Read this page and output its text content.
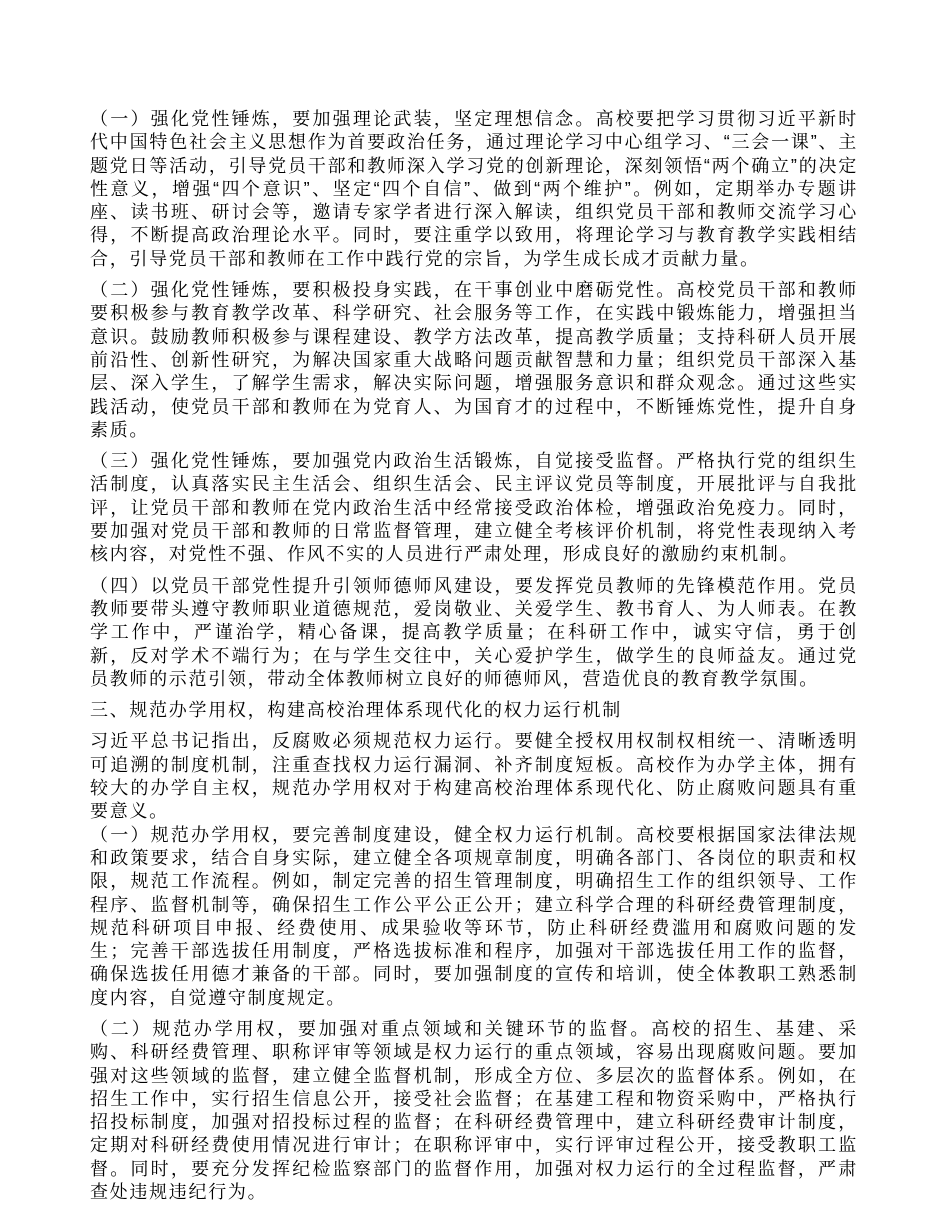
（一）强化党性锤炼，要加强理论武装，坚定理想信念。高校要把学习贯彻习近平新时代中国特色社会主义思想作为首要政治任务，通过理论学习中心组学习、“三会一课”、主题党日等活动，引导党员干部和教师深入学习党的创新理论，深刻领悟“两个确立”的决定性意义，增强“四个意识”、坚定“四个自信”、做到“两个维护”。例如，定期举办专题讲座、读书班、研讨会等，邀请专家学者进行深入解读，组织党员干部和教师交流学习心得，不断提高政治理论水平。同时，要注重学以致用，将理论学习与教育教学实践相结合，引导党员干部和教师在工作中践行党的宗旨，为学生成长成才贡献力量。

（二）强化党性锤炼，要积极投身实践，在干事创业中磨砺党性。高校党员干部和教师要积极参与教育教学改革、科学研究、社会服务等工作，在实践中锻炼能力，增强担当意识。鼓励教师积极参与课程建设、教学方法改革，提高教学质量；支持科研人员开展前沿性、创新性研究，为解决国家重大战略问题贡献智慧和力量；组织党员干部深入基层、深入学生，了解学生需求，解决实际问题，增强服务意识和群众观念。通过这些实践活动，使党员干部和教师在为党育人、为国育才的过程中，不断锤炼党性，提升自身素质。

（三）强化党性锤炼，要加强党内政治生活锻炼，自觉接受监督。严格执行党的组织生活制度，认真落实民主生活会、组织生活会、民主评议党员等制度，开展批评与自我批评，让党员干部和教师在党内政治生活中经常接受政治体检，增强政治免疫力。同时，要加强对党员干部和教师的日常监督管理，建立健全考核评价机制，将党性表现纳入考核内容，对党性不强、作风不实的人员进行严肃处理，形成良好的激励约束机制。

（四）以党员干部党性提升引领师德师风建设，要发挥党员教师的先锋模范作用。党员教师要带头遵守教师职业道德规范，爱岗敬业、关爱学生、教书育人、为人师表。在教学工作中，严谨治学，精心备课，提高教学质量；在科研工作中，诚实守信，勇于创新，反对学术不端行为；在与学生交往中，关心爱护学生，做学生的良师益友。通过党员教师的示范引领，带动全体教师树立良好的师德师风，营造优良的教育教学氛围。

三、规范办学用权，构建高校治理体系现代化的权力运行机制

习近平总书记指出，反腐败必须规范权力运行。要健全授权用权制权相统一、清晰透明可追溯的制度机制，注重查找权力运行漏洞、补齐制度短板。高校作为办学主体，拥有较大的办学自主权，规范办学用权对于构建高校治理体系现代化、防止腐败问题具有重要意义。

（一）规范办学用权，要完善制度建设，健全权力运行机制。高校要根据国家法律法规和政策要求，结合自身实际，建立健全各项规章制度，明确各部门、各岗位的职责和权限，规范工作流程。例如，制定完善的招生管理制度，明确招生工作的组织领导、工作程序、监督机制等，确保招生工作公平公正公开；建立科学合理的科研经费管理制度，规范科研项目申报、经费使用、成果验收等环节，防止科研经费滥用和腐败问题的发生；完善干部选拔任用制度，严格选拔标准和程序，加强对干部选拔任用工作的监督，确保选拔任用德才兼备的干部。同时，要加强制度的宣传和培训，使全体教职工熟悉制度内容，自觉遵守制度规定。

（二）规范办学用权，要加强对重点领域和关键环节的监督。高校的招生、基建、采购、科研经费管理、职称评审等领域是权力运行的重点领域，容易出现腐败问题。要加强对这些领域的监督，建立健全监督机制，形成全方位、多层次的监督体系。例如，在招生工作中，实行招生信息公开，接受社会监督；在基建工程和物资采购中，严格执行招投标制度，加强对招投标过程的监督；在科研经费管理中，建立科研经费审计制度，定期对科研经费使用情况进行审计；在职称评审中，实行评审过程公开，接受教职工监督。同时，要充分发挥纪检监察部门的监督作用，加强对权力运行的全过程监督，严肃查处违规违纪行为。
